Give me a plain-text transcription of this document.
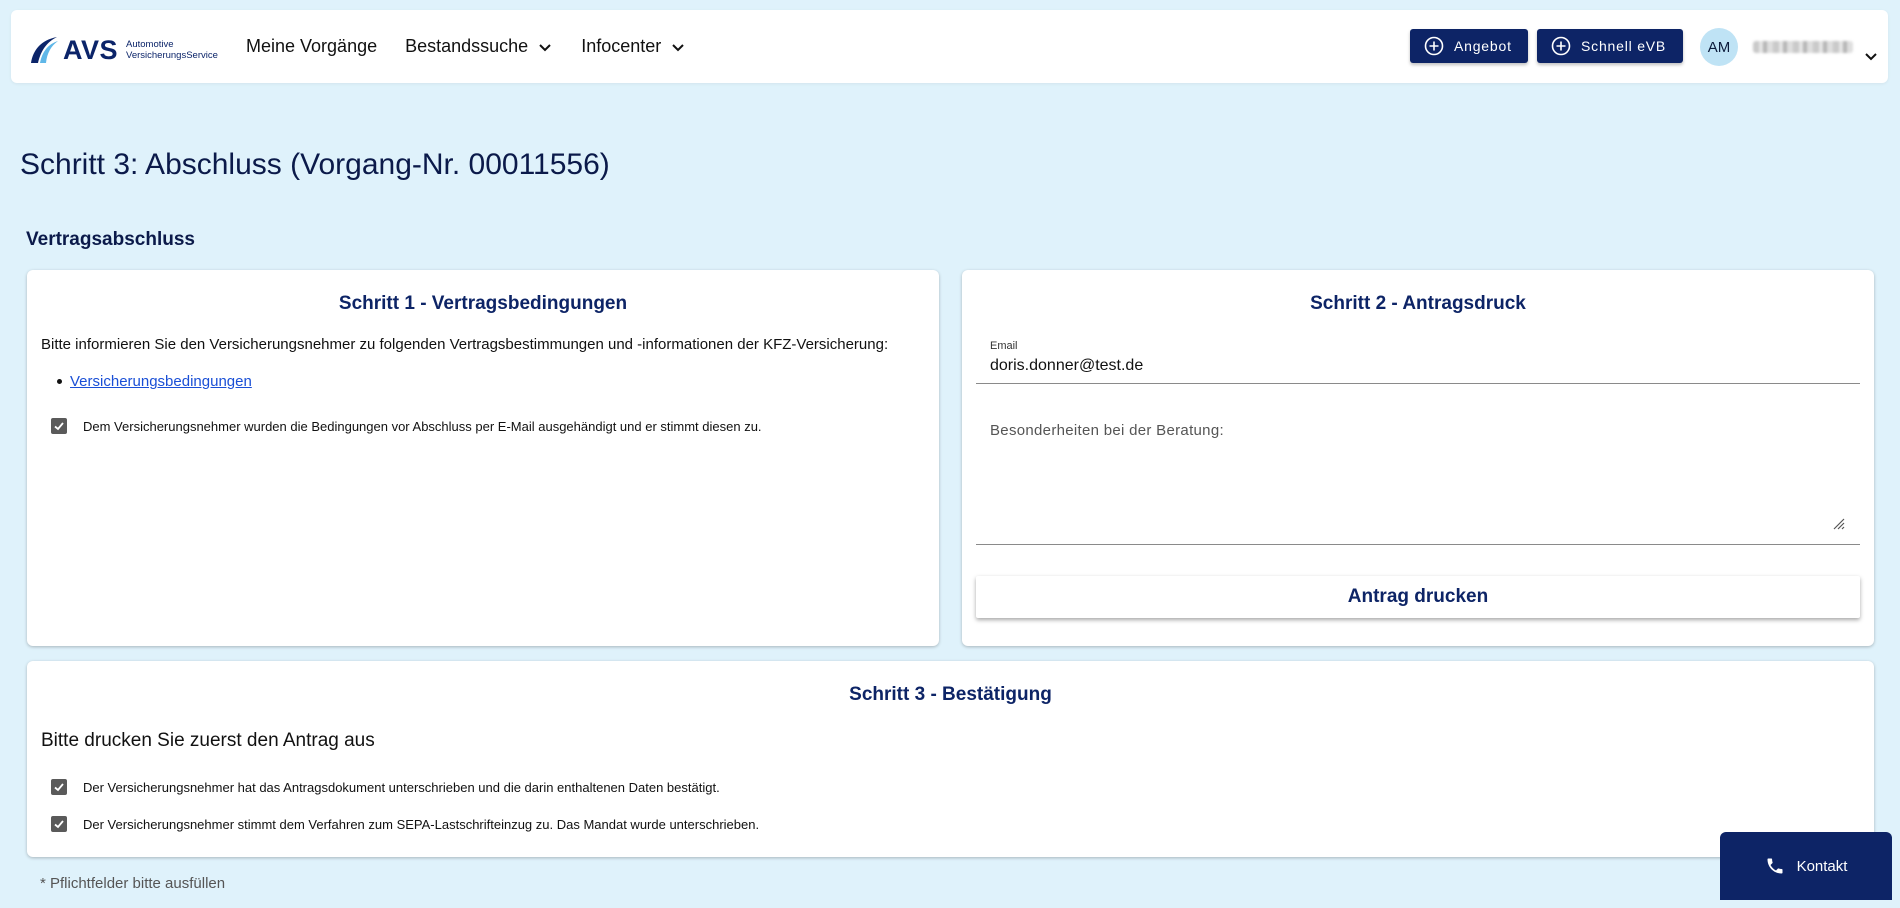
AVS Automotive
VersicherungsService Meine Vorgänge Bestandssuche	Infocenter	Angebot	Schnell eVB	AM
Schritt 3: Abschluss (Vorgang-Nr. 00011556)
Vertragsabschluss
Schritt 1 - Vertragsbedingungen
Bitte informieren Sie den Versicherungsnehmer zu folgenden Vertragsbestimmungen und -informationen der KFZ-Versicherung:
Versicherungsbedingungen
Dem Versicherungsnehmer wurden die Bedingungen vor Abschluss per E-Mail ausgehändigt und er stimmt diesen zu.
Schritt 2 - Antragsdruck
Email
doris.donner@test.de
Besonderheiten bei der Beratung:
Antrag drucken
Schritt 3 - Bestätigung
Bitte drucken Sie zuerst den Antrag aus
Der Versicherungsnehmer hat das Antragsdokument unterschrieben und die darin enthaltenen Daten bestätigt.
Der Versicherungsnehmer stimmt dem Verfahren zum SEPA-Lastschrifteinzug zu. Das Mandat wurde unterschrieben.
* Pflichtfelder bitte ausfüllen
Kontakt
